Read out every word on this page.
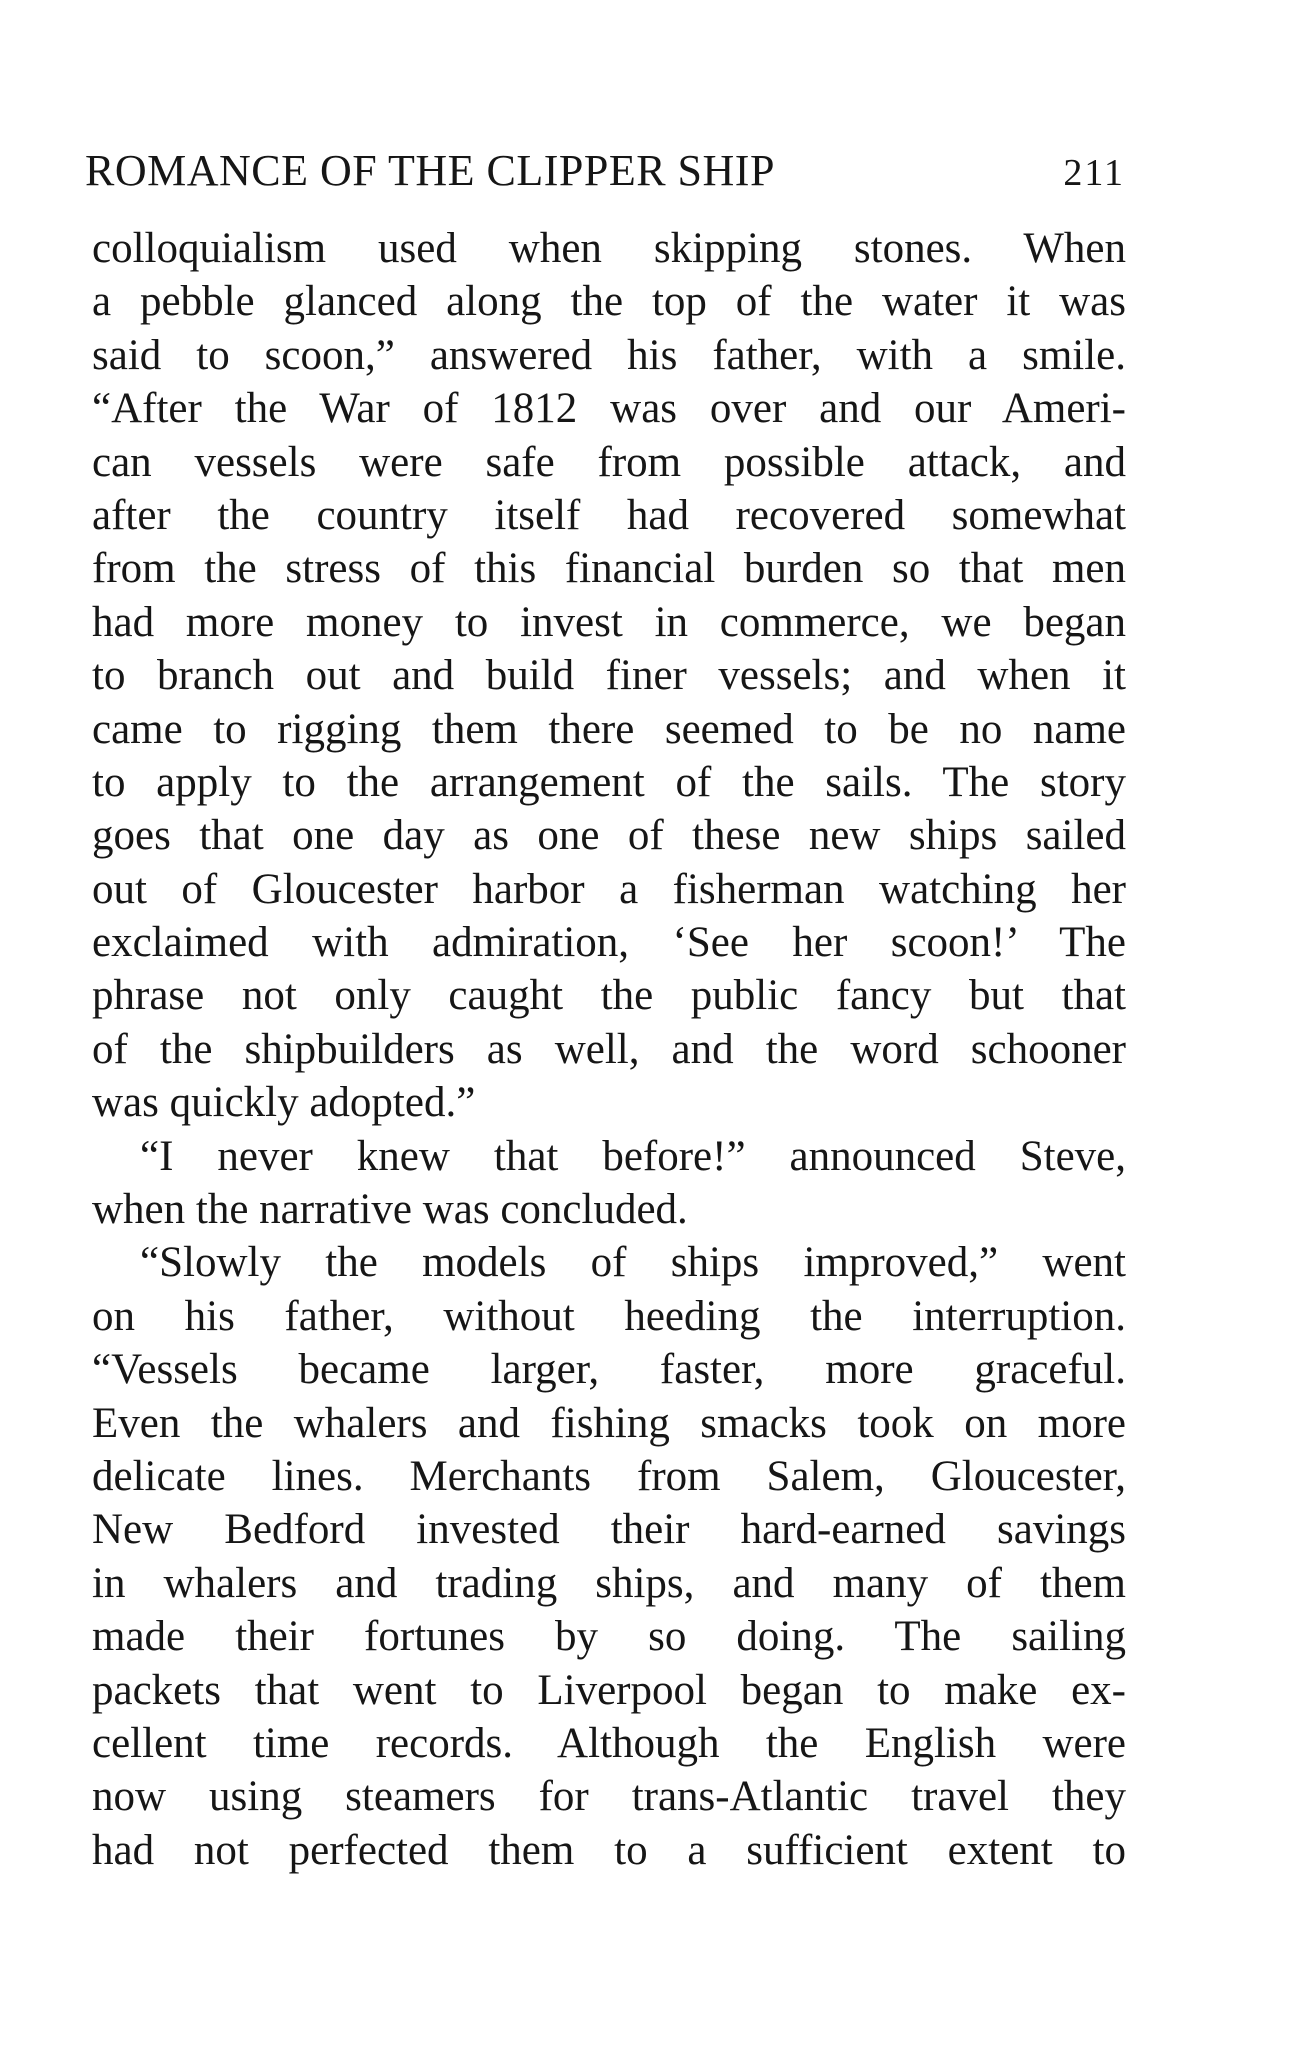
ROMANCE OF THE CLIPPER SHIP	211
colloquialism used when skipping stones. When
a pebble glanced along the top of the water it was
said to scoon,” answered his father, with a smile.
“After the War of 1812 was over and our Ameri-
can vessels were safe from possible attack, and
after the country itself had recovered somewhat
from the stress of this financial burden so that men
had more money to invest in commerce, we began
to branch out and build finer vessels; and when it
came to rigging them there seemed to be no name
to apply to the arrangement of the sails. The story
goes that one day as one of these new ships sailed
out of Gloucester harbor a fisherman watching her
exclaimed with admiration, ‘See her scoon!’ The
phrase not only caught the public fancy but that
of the shipbuilders as well, and the word schooner
was quickly adopted.”
“I never knew that before!” announced Steve,
when the narrative was concluded.
“Slowly the models of ships improved,” went
on his father, without heeding the interruption.
“Vessels became larger, faster, more graceful.
Even the whalers and fishing smacks took on more
delicate lines. Merchants from Salem, Gloucester,
New Bedford invested their hard-earned savings
in whalers and trading ships, and many of them
made their fortunes by so doing. The sailing
packets that went to Liverpool began to make ex-
cellent time records. Although the English were
now using steamers for trans-Atlantic travel they
had not perfected them to a sufficient extent to
